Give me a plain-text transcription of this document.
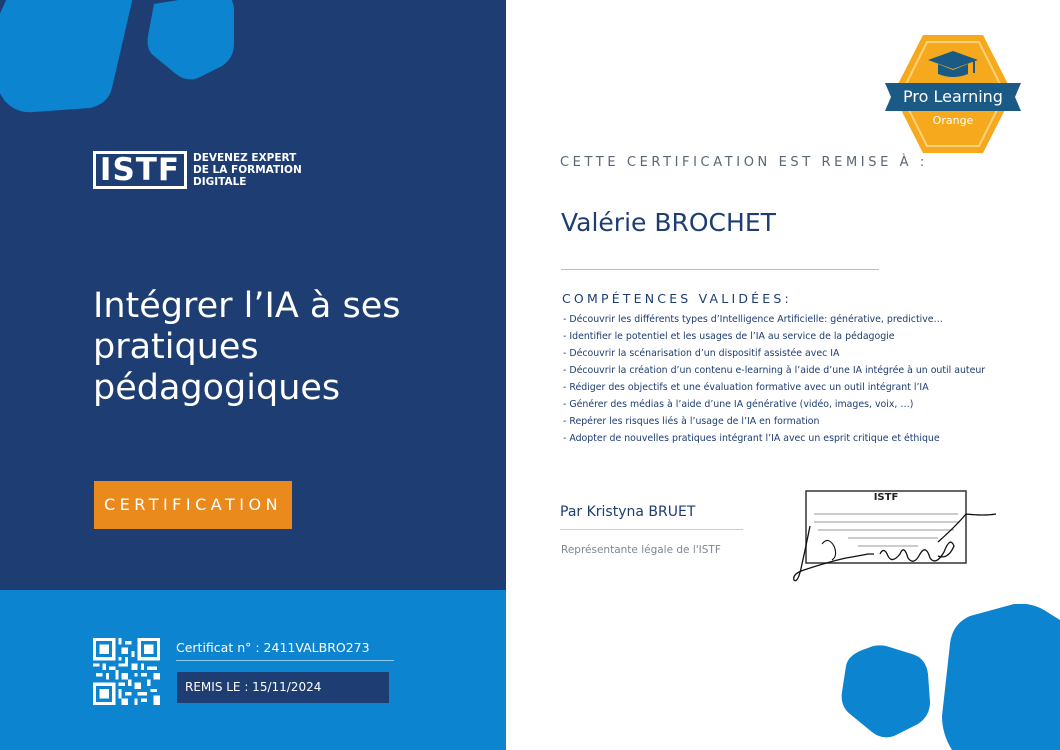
ISTF	DEVENEZ EXPERT
DE LA FORMATION
DIGITALE
Intégrer l’IA à ses pratiques pédagogiques
CERTIFICATION
Certificat n° : 2411VALBRO273
REMIS LE : 15/11/2024
Pro Learning
Orange
CETTE CERTIFICATION EST REMISE À :
Valérie BROCHET
COMPÉTENCES VALIDÉES:
- Découvrir les différents types d’Intelligence Artificielle: générative, predictive…
- Identifier le potentiel et les usages de l’IA au service de la pédagogie
- Découvrir la scénarisation d’un dispositif assistée avec IA
- Découvrir la création d’un contenu e-learning à l’aide d’une IA intégrée à un outil auteur
- Rédiger des objectifs et une évaluation formative avec un outil intégrant l’IA
- Générer des médias à l’aide d’une IA générative (vidéo, images, voix, …)
- Repérer les risques liés à l’usage de l’IA en formation
- Adopter de nouvelles pratiques intégrant l’IA avec un esprit critique et éthique
Par Kristyna BRUET
Représentante légale de l'ISTF
ISTF
